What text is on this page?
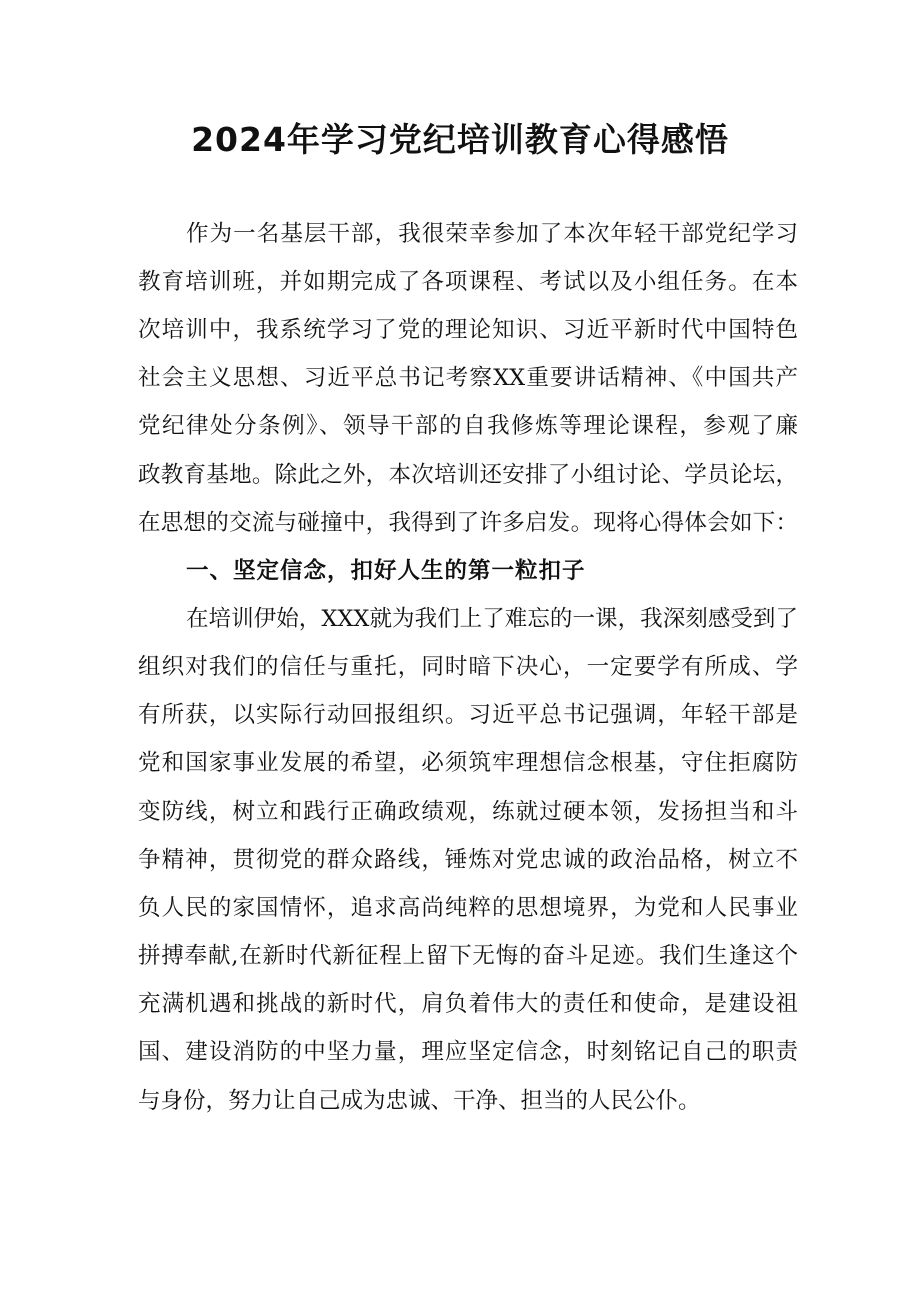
2024年学习党纪培训教育心得感悟
作为一名基层干部，我很荣幸参加了本次年轻干部党纪学习
教育培训班，并如期完成了各项课程、考试以及小组任务。在本
次培训中，我系统学习了党的理论知识、习近平新时代中国特色
社会主义思想、习近平总书记考察XX重要讲话精神、《中国共产
党纪律处分条例》、领导干部的自我修炼等理论课程，参观了廉
政教育基地。除此之外，本次培训还安排了小组讨论、学员论坛，
在思想的交流与碰撞中，我得到了许多启发。现将心得体会如下：
一、坚定信念，扣好人生的第一粒扣子
在培训伊始，XXX就为我们上了难忘的一课，我深刻感受到了
组织对我们的信任与重托，同时暗下决心，一定要学有所成、学
有所获，以实际行动回报组织。习近平总书记强调，年轻干部是
党和国家事业发展的希望，必须筑牢理想信念根基，守住拒腐防
变防线，树立和践行正确政绩观，练就过硬本领，发扬担当和斗
争精神，贯彻党的群众路线，锤炼对党忠诚的政治品格，树立不
负人民的家国情怀，追求高尚纯粹的思想境界，为党和人民事业
拼搏奉献,在新时代新征程上留下无悔的奋斗足迹。我们生逢这个
充满机遇和挑战的新时代，肩负着伟大的责任和使命，是建设祖
国、建设消防的中坚力量，理应坚定信念，时刻铭记自己的职责
与身份，努力让自己成为忠诚、干净、担当的人民公仆。
